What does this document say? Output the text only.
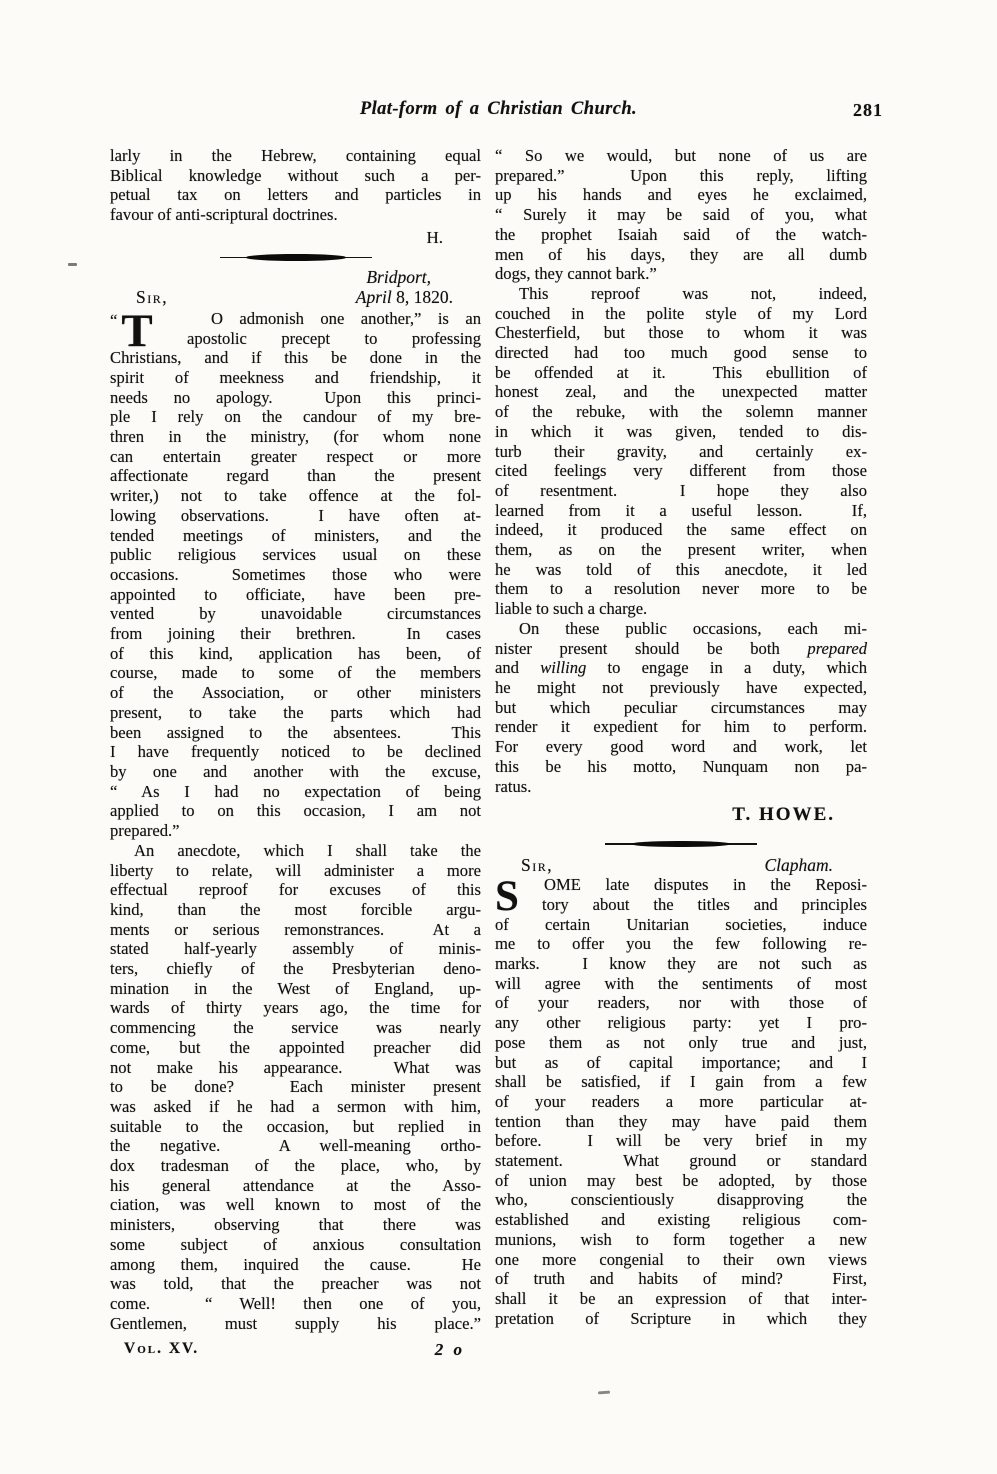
Plat-form of a Christian Church.	281
larly in the Hebrew, containing equal
Biblical knowledge without such a per-
petual tax on letters and particles in
favour of anti-scriptural doctrines.
H.
Bridport,
Sir,	April 8, 1820.
“ T	O admonish one another,” is an
apostolic precept to professing
Christians, and if this be done in the
spirit of meekness and friendship, it
needs no apology.  Upon this princi-
ple I rely on the candour of my bre-
thren in the ministry, (for whom none
can entertain greater respect or more
affectionate regard than the present
writer,) not to take offence at the fol-
lowing observations.  I have often at-
tended meetings of ministers, and the
public religious services usual on these
occasions.  Sometimes those who were
appointed to officiate, have been pre-
vented by unavoidable circumstances
from joining their brethren.  In cases
of this kind, application has been, of
course, made to some of the members
of the Association, or other ministers
present, to take the parts which had
been assigned to the absentees.  This
I have frequently noticed to be declined
by one and another with the excuse,
“ As I had no expectation of being
applied to on this occasion, I am not
prepared.”
An anecdote, which I shall take the
liberty to relate, will administer a more
effectual reproof for excuses of this
kind, than the most forcible argu-
ments or serious remonstrances.  At a
stated half-yearly assembly of minis-
ters, chiefly of the Presbyterian deno-
mination in the West of England, up-
wards of thirty years ago, the time for
commencing the service was nearly
come, but the appointed preacher did
not make his appearance.  What was
to be done?  Each minister present
was asked if he had a sermon with him,
suitable to the occasion, but replied in
the negative.  A well-meaning ortho-
dox tradesman of the place, who, by
his general attendance at the Asso-
ciation, was well known to most of the
ministers, observing that there was
some subject of anxious consultation
among them, inquired the cause.  He
was told, that the preacher was not
come.  “ Well! then one of you,
Gentlemen, must supply his place.”
Vol. XV.	2 o
“ So we would, but none of us are
prepared.”  Upon this reply, lifting
up his hands and eyes he exclaimed,
“ Surely it may be said of you, what
the prophet Isaiah said of the watch-
men of his days, they are all dumb
dogs, they cannot bark.”
This reproof was not, indeed,
couched in the polite style of my Lord
Chesterfield, but those to whom it was
directed had too much good sense to
be offended at it.  This ebullition of
honest zeal, and the unexpected matter
of the rebuke, with the solemn manner
in which it was given, tended to dis-
turb their gravity, and certainly ex-
cited feelings very different from those
of resentment.  I hope they also
learned from it a useful lesson.  If,
indeed, it produced the same effect on
them, as on the present writer, when
he was told of this anecdote, it led
them to a resolution never more to be
liable to such a charge.
On these public occasions, each mi-
nister present should be both prepared
and willing to engage in a duty, which
he might not previously have expected,
but which peculiar circumstances may
render it expedient for him to perform.
For every good word and work, let
this be his motto, Nunquam non pa-
ratus.
T. HOWE.
Sir,	Clapham.
S	OME late disputes in the Reposi-
tory about the titles and principles
of certain Unitarian societies, induce
me to offer you the few following re-
marks.  I know they are not such as
will agree with the sentiments of most
of your readers, nor with those of
any other religious party: yet I pro-
pose them as not only true and just,
but as of capital importance; and I
shall be satisfied, if I gain from a few
of your readers a more particular at-
tention than they may have paid them
before.  I will be very brief in my
statement.  What ground or standard
of union may best be adopted, by those
who, conscientiously disapproving the
established and existing religious com-
munions, wish to form together a new
one more congenial to their own views
of truth and habits of mind?  First,
shall it be an expression of that inter-
pretation of Scripture in which they
